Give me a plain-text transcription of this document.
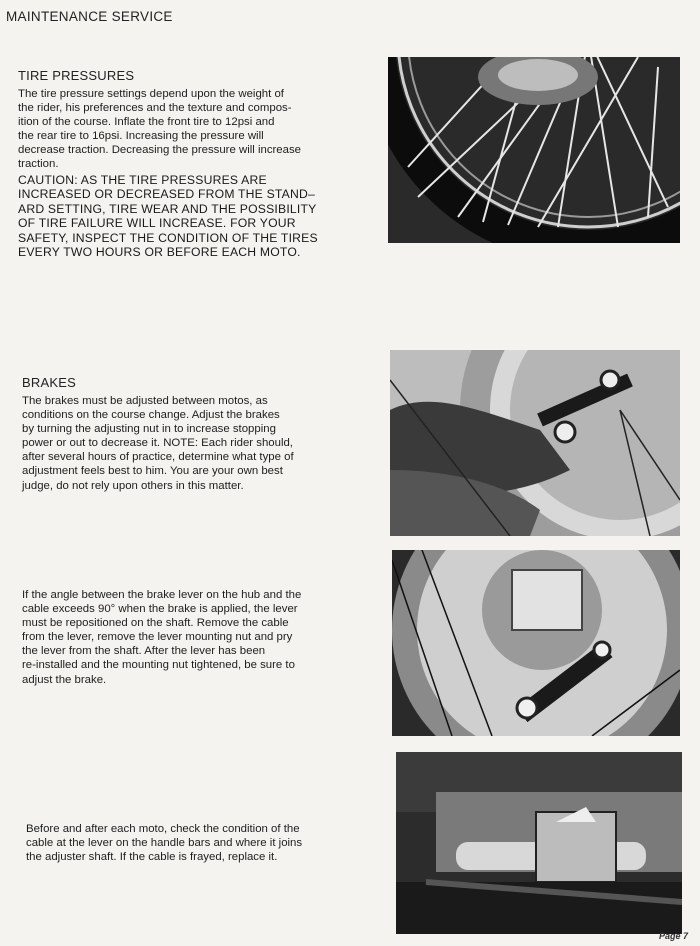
MAINTENANCE SERVICE
TIRE PRESSURES
The tire pressure settings depend upon the weight of
the rider, his preferences and the texture and compos-
ition of the course. Inflate the front tire to 12psi and
the rear tire to 16psi. Increasing the pressure will
decrease traction. Decreasing the pressure will increase
traction.
CAUTION: AS THE TIRE PRESSURES ARE
INCREASED OR DECREASED FROM THE STAND–
ARD SETTING, TIRE WEAR AND THE POSSIBILITY
OF TIRE FAILURE WILL INCREASE. FOR YOUR
SAFETY, INSPECT THE CONDITION OF THE TIRES
EVERY TWO HOURS OR BEFORE EACH MOTO.
BRAKES
The brakes must be adjusted between motos, as
conditions on the course change. Adjust the brakes
by turning the adjusting nut in to increase stopping
power or out to decrease it. NOTE: Each rider should,
after several hours of practice, determine what type of
adjustment feels best to him. You are your own best
judge, do not rely upon others in this matter.
If the angle between the brake lever on the hub and the
cable exceeds 90° when the brake is applied, the lever
must be repositioned on the shaft. Remove the cable
from the lever, remove the lever mounting nut and pry
the lever from the shaft. After the lever has been
re-installed and the mounting nut tightened, be sure to
adjust the brake.
Before and after each moto, check the condition of the
cable at the lever on the handle bars and where it joins
the adjuster shaft. If the cable is frayed, replace it.
Page 7
